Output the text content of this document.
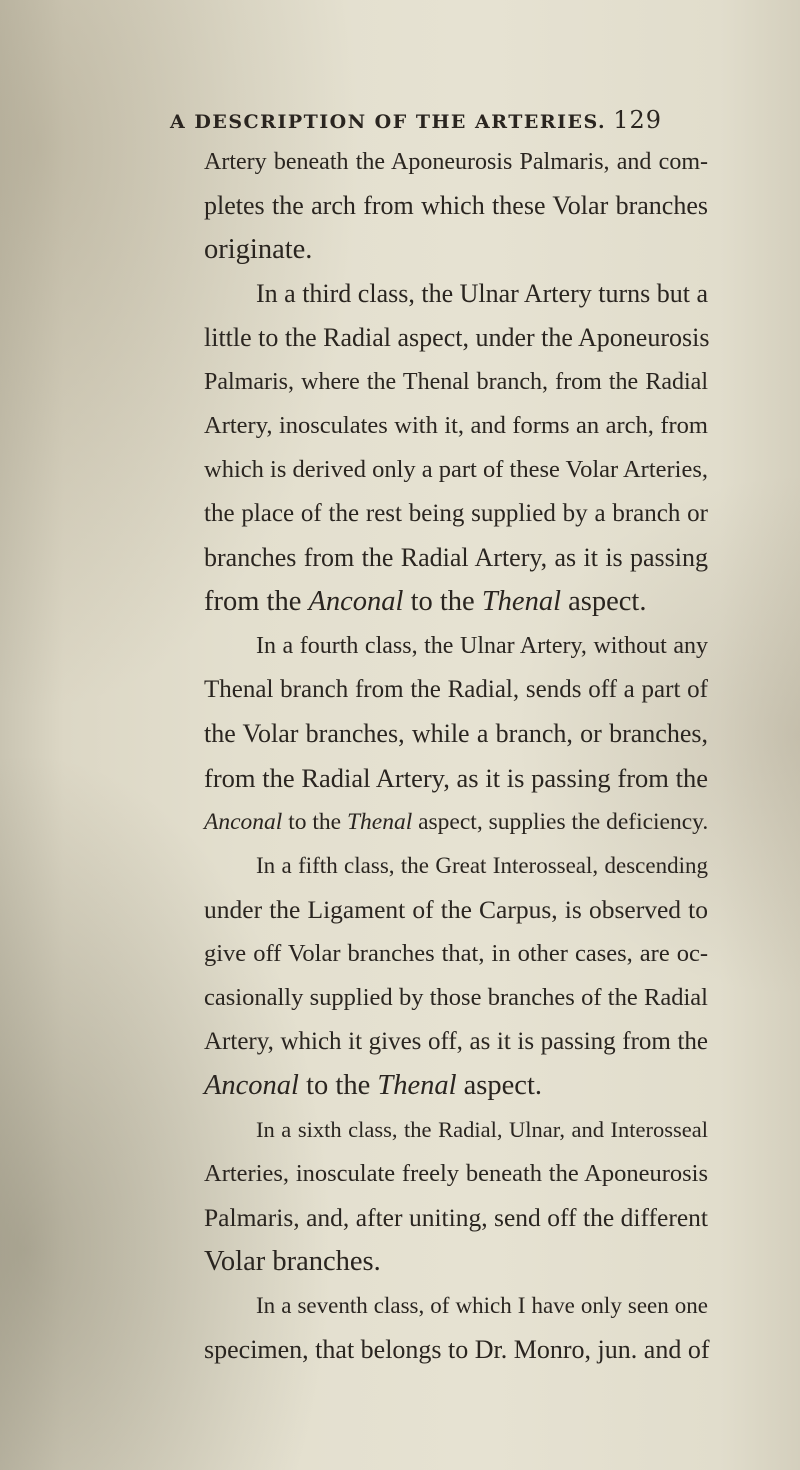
A DESCRIPTION OF THE ARTERIES. 129
Artery beneath the Aponeurosis Palmaris, and com-
pletes the arch from which these Volar branches
originate.
In a third class, the Ulnar Artery turns but a
little to the Radial aspect, under the Aponeurosis
Palmaris, where the Thenal branch, from the Radial
Artery, inosculates with it, and forms an arch, from
which is derived only a part of these Volar Arteries,
the place of the rest being supplied by a branch or
branches from the Radial Artery, as it is passing
from the Anconal to the Thenal aspect.
In a fourth class, the Ulnar Artery, without any
Thenal branch from the Radial, sends off a part of
the Volar branches, while a branch, or branches,
from the Radial Artery, as it is passing from the
Anconal to the Thenal aspect, supplies the deficiency.
In a fifth class, the Great Interosseal, descending
under the Ligament of the Carpus, is observed to
give off Volar branches that, in other cases, are oc-
casionally supplied by those branches of the Radial
Artery, which it gives off, as it is passing from the
Anconal to the Thenal aspect.
In a sixth class, the Radial, Ulnar, and Interosseal
Arteries, inosculate freely beneath the Aponeurosis
Palmaris, and, after uniting, send off the different
Volar branches.
In a seventh class, of which I have only seen one
specimen, that belongs to Dr. Monro, jun. and of
